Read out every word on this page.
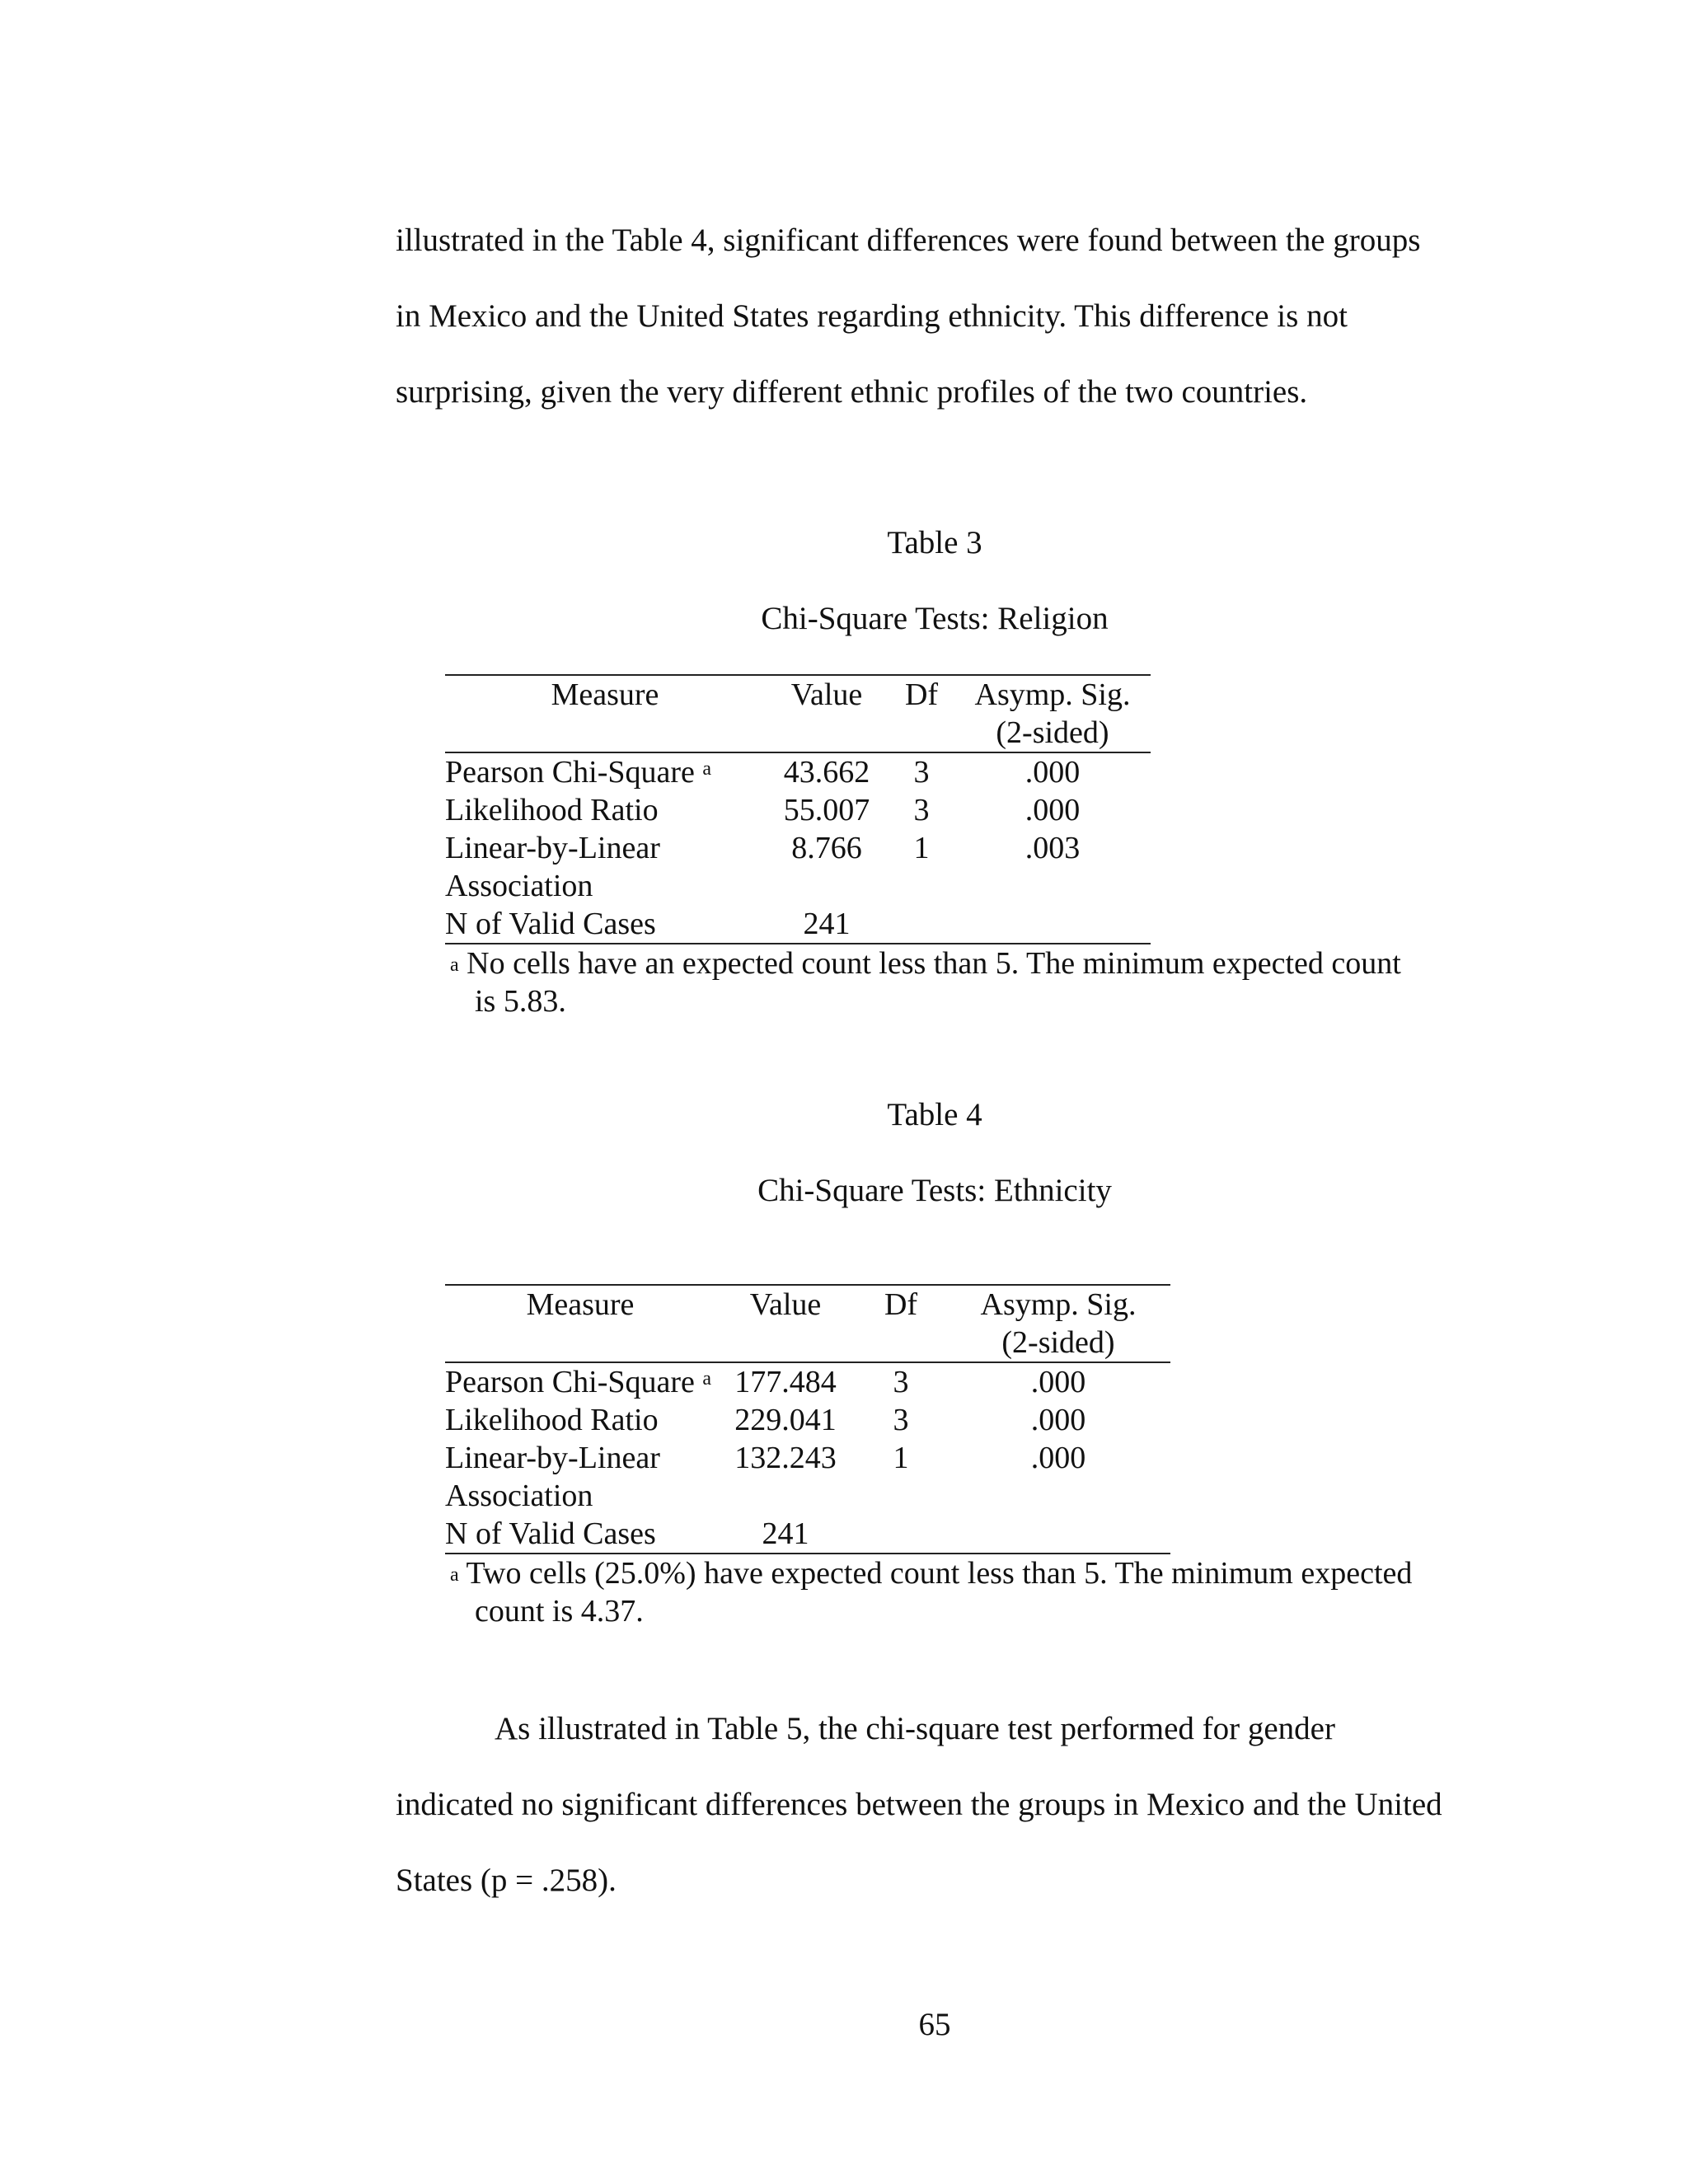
illustrated in the Table 4, significant differences were found between the groups
in Mexico and the United States regarding ethnicity. This difference is not
surprising, given the very different ethnic profiles of the two countries.

Table 3

Chi-Square Tests: Religion

Measure	Value	Df	Asymp. Sig.
(2-sided)
Pearson Chi-Square $^a$	43.662	3	.000
Likelihood Ratio	55.007	3	.000
Linear-by-Linear	8.766	1	.003
Association			
N of Valid Cases	241		

$^a$ No cells have an expected count less than 5. The minimum expected count
is 5.83.

Table 4

Chi-Square Tests: Ethnicity

Measure	Value	Df	Asymp. Sig.
(2-sided)
Pearson Chi-Square $^a$	177.484	3	.000
Likelihood Ratio	229.041	3	.000
Linear-by-Linear	132.243	1	.000
Association			
N of Valid Cases	241		

$^a$ Two cells (25.0%) have expected count less than 5. The minimum expected
count is 4.37.

As illustrated in Table 5, the chi-square test performed for gender
indicated no significant differences between the groups in Mexico and the United
States (p = .258).

65
